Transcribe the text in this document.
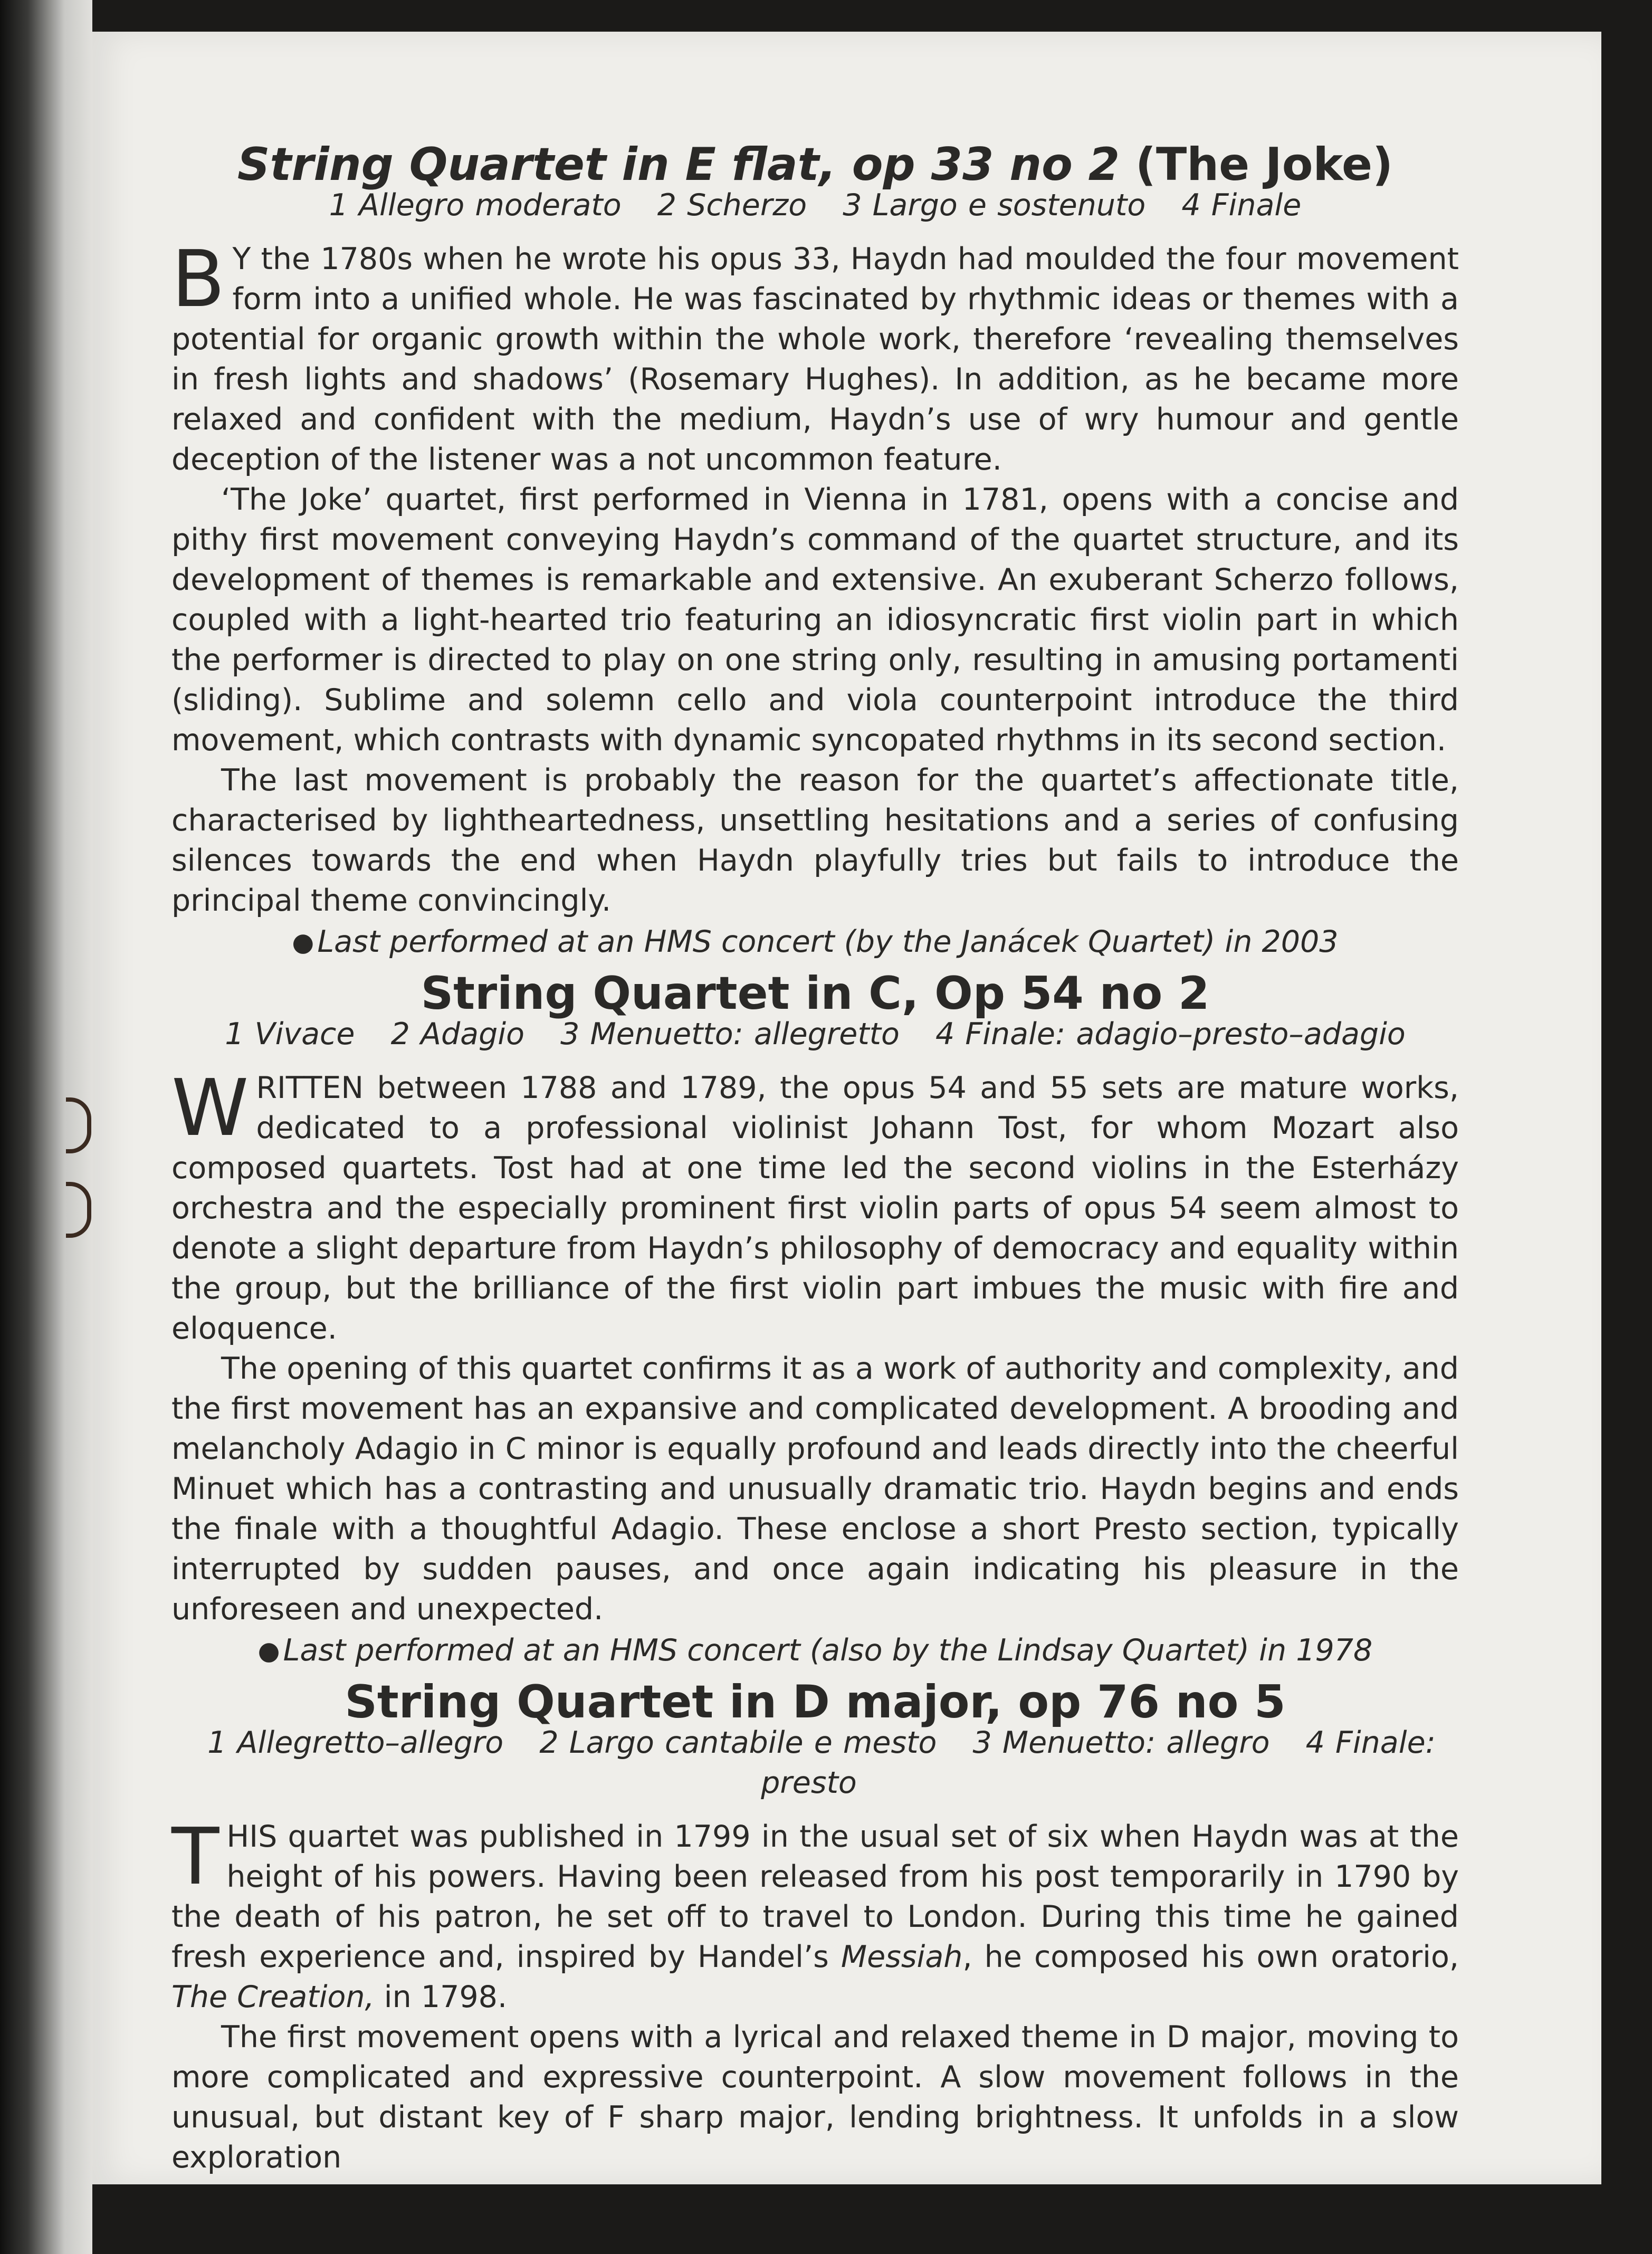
String Quartet in E flat, op 33 no 2 (The Joke)
1 Allegro moderato 2 Scherzo 3 Largo e sostenuto 4 Finale

B Y the 1780s when he wrote his opus 33, Haydn had moulded the four movement form into a unified whole. He was fascinated by rhythmic ideas or themes with a potential for organic growth within the whole work, therefore ‘revealing themselves in fresh lights and shadows’ (Rosemary Hughes). In addition, as he became more relaxed and confident with the medium, Haydn’s use of wry humour and gentle deception of the listener was a not uncommon feature.

‘The Joke’ quartet, first performed in Vienna in 1781, opens with a concise and pithy first movement conveying Haydn’s command of the quartet structure, and its development of themes is remarkable and extensive. An exuberant Scherzo follows, coupled with a light-hearted trio featuring an idiosyncratic first violin part in which the performer is directed to play on one string only, resulting in amusing portamenti (sliding). Sublime and solemn cello and viola counterpoint introduce the third movement, which contrasts with dynamic syncopated rhythms in its second section.

The last movement is probably the reason for the quartet’s affectionate title, characterised by lightheartedness, unsettling hesitations and a series of confusing silences towards the end when Haydn playfully tries but fails to introduce the principal theme convincingly.

● Last performed at an HMS concert (by the Janácek Quartet) in 2003
String Quartet in C, Op 54 no 2
1 Vivace 2 Adagio 3 Menuetto: allegretto 4 Finale: adagio–presto–adagio

W RITTEN between 1788 and 1789, the opus 54 and 55 sets are mature works, dedicated to a professional violinist Johann Tost, for whom Mozart also composed quartets. Tost had at one time led the second violins in the Esterházy orchestra and the especially prominent first violin parts of opus 54 seem almost to denote a slight departure from Haydn’s philosophy of democracy and equality within the group, but the brilliance of the first violin part imbues the music with fire and eloquence.

The opening of this quartet confirms it as a work of authority and complexity, and the first movement has an expansive and complicated development. A brooding and melancholy Adagio in C minor is equally profound and leads directly into the cheerful Minuet which has a contrasting and unusually dramatic trio. Haydn begins and ends the finale with a thoughtful Adagio. These enclose a short Presto section, typically interrupted by sudden pauses, and once again indicating his pleasure in the unforeseen and unexpected.

● Last performed at an HMS concert (also by the Lindsay Quartet) in 1978
String Quartet in D major, op 76 no 5
1 Allegretto–allegro 2 Largo cantabile e mesto 3 Menuetto: allegro 4 Finale: presto

T HIS quartet was published in 1799 in the usual set of six when Haydn was at the height of his powers. Having been released from his post temporarily in 1790 by the death of his patron, he set off to travel to London. During this time he gained fresh experience and, inspired by Handel’s Messiah, he composed his own oratorio, The Creation, in 1798.

The first movement opens with a lyrical and relaxed theme in D major, moving to more complicated and expressive counterpoint. A slow movement follows in the unusual, but distant key of F sharp major, lending brightness. It unfolds in a slow exploration
